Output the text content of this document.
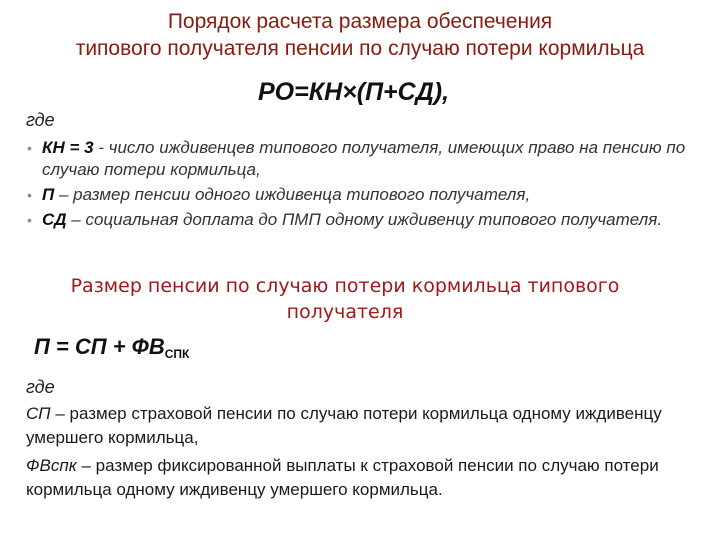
Порядок расчета размера обеспечения
типового получателя пенсии по случаю потери кормильца
РО=КН×(П+СД),
где
• КН = 3 - число иждивенцев типового получателя, имеющих право на пенсию по случаю потери кормильца,
• П – размер пенсии одного иждивенца типового получателя,
• СД – социальная доплата до ПМП одному иждивенцу типового получателя.
Размер пенсии по случаю потери кормильца типового
получателя
П = СП + $ФВ_{СПК}$
где

СП – размер страховой пенсии по случаю потери кормильца одному иждивенцу умершего кормильца,

ФВспк – размер фиксированной выплаты к страховой пенсии по случаю потери кормильца одному иждивенцу умершего кормильца.
